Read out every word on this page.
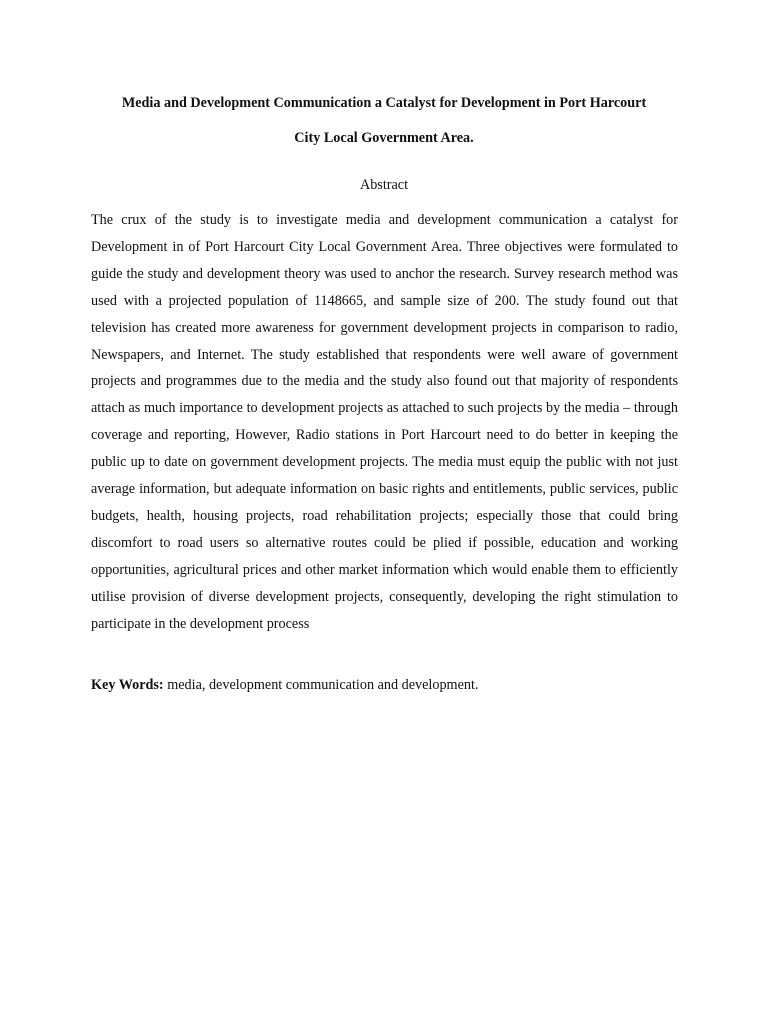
Media and Development Communication a Catalyst for Development in Port Harcourt
City Local Government Area.
Abstract

The crux of the study is to investigate media and development communication a catalyst for Development in of Port Harcourt City Local Government Area. Three objectives were formulated to guide the study and development theory was used to anchor the research. Survey research method was used with a projected population of 1148665, and sample size of 200. The study found out that television has created more awareness for government development projects in comparison to radio, Newspapers, and Internet. The study established that respondents were well aware of government projects and programmes due to the media and the study also found out that majority of respondents attach as much importance to development projects as attached to such projects by the media – through coverage and reporting, However, Radio stations in Port Harcourt need to do better in keeping the public up to date on government development projects. The media must equip the public with not just average information, but adequate information on basic rights and entitlements, public services, public budgets, health, housing projects, road rehabilitation projects; especially those that could bring discomfort to road users so alternative routes could be plied if possible, education and working opportunities, agricultural prices and other market information which would enable them to efficiently utilise provision of diverse development projects, consequently, developing the right stimulation to participate in the development process

Key Words: media, development communication and development.
